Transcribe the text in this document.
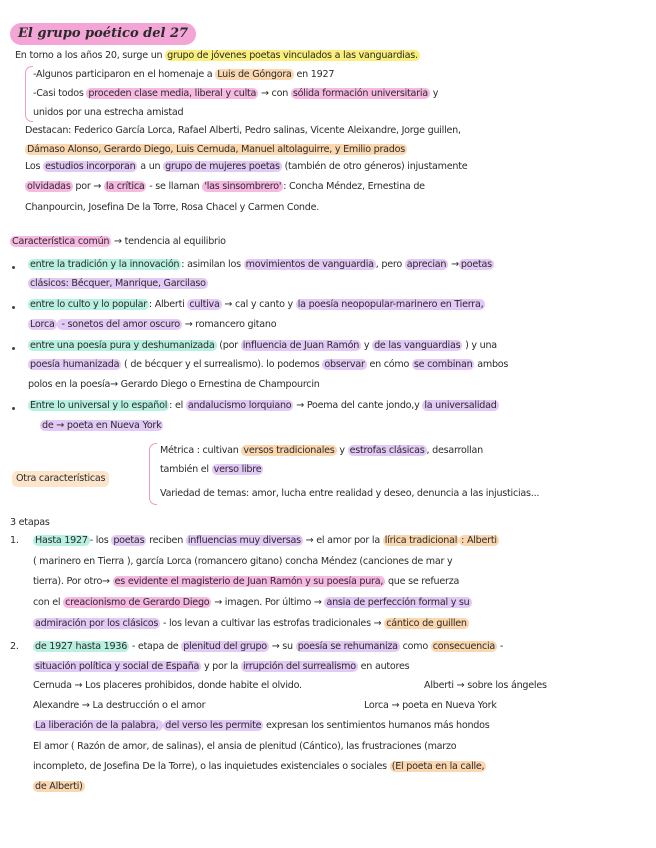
El grupo poético del 27
En torno a los años 20, surge un grupo de jóvenes poetas vinculados a las vanguardias.
-Algunos participaron en el homenaje a Luis de Góngora en 1927
-Casi todos proceden clase media, liberal y culta → con sólida formación universitaria y
unidos por una estrecha amistad
Destacan: Federico García Lorca, Rafael Alberti, Pedro salinas, Vicente Aleixandre, Jorge guillen,
Dámaso Alonso, Gerardo Diego, Luis Cernuda, Manuel altolaguirre, y Emilio prados
Los estudios incorporan a un grupo de mujeres poetas (también de otro géneros) injustamente
olvidadas por → la crítica - se llaman 'las sinsombrero' : Concha Méndez, Ernestina de
Chanpourcin, Josefina De la Torre, Rosa Chacel y Carmen Conde.
Característica común → tendencia al equilibrio
entre la tradición y la innovación : asimilan los movimientos de vanguardia , pero aprecian → poetas
clásicos: Bécquer, Manrique, Garcilaso
entre lo culto y lo popular : Alberti cultiva → cal y canto y la poesía neopopular-marinero en Tierra,
Lorca - sonetos del amor oscuro → romancero gitano
entre una poesía pura y deshumanizada (por influencia de Juan Ramón y de las vanguardias ) y una
poesía humanizada ( de bécquer y el surrealismo). lo podemos observar en cómo se combinan ambos
polos en la poesía→ Gerardo Diego o Ernestina de Champourcin
Entre lo universal y lo español : el andalucismo lorquiano → Poema del cante jondo,y la universalidad
de → poeta en Nueva York
Otra características
Métrica : cultivan versos tradicionales y estrofas clásicas , desarrollan
también el verso libre
Variedad de temas: amor, lucha entre realidad y deseo, denuncia a las injusticias...
3 etapas
1. Hasta 1927 - los poetas reciben influencias muy diversas → el amor por la lírica tradicional : Alberti
( marinero en Tierra ), garcía Lorca (romancero gitano) concha Méndez (canciones de mar y
tierra). Por otro→ es evidente el magisterio de Juan Ramón y su poesía pura, que se refuerza
con el creacionismo de Gerardo Diego → imagen. Por último → ansia de perfección formal y su
admiración por los clásicos - los levan a cultivar las estrofas tradicionales → cántico de guillen
2. de 1927 hasta 1936 - etapa de plenitud del grupo → su poesía se rehumaniza como consecuencia -
situación política y social de España y por la irrupción del surrealismo en autores
Cernuda → Los placeres prohibidos, donde habite el olvido.	Alberti → sobre los ángeles
Alexandre → La destrucción o el amor	Lorca → poeta en Nueva York
La liberación de la palabra, del verso les permite expresan los sentimientos humanos más hondos
El amor ( Razón de amor, de salinas), el ansia de plenitud (Cántico), las frustraciones (marzo
incompleto, de Josefina De la Torre), o las inquietudes existenciales o sociales (El poeta en la calle,
de Alberti)
